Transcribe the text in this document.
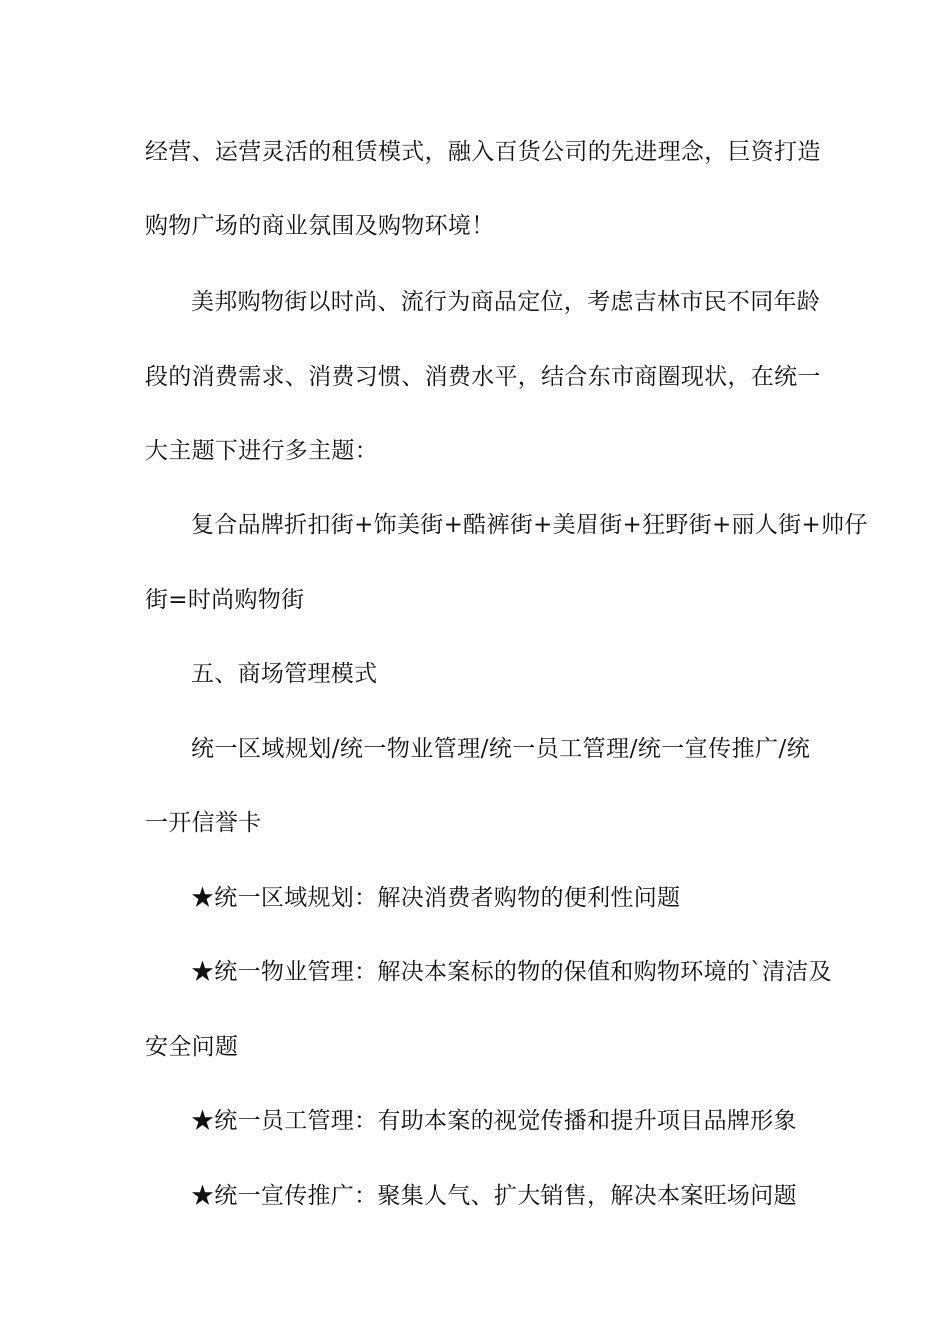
经营、运营灵活的租赁模式，融入百货公司的先进理念，巨资打造
购物广场的商业氛围及购物环境！
美邦购物街以时尚、流行为商品定位，考虑吉林市民不同年龄
段的消费需求、消费习惯、消费水平，结合东市商圈现状，在统一
大主题下进行多主题：
复合品牌折扣街+饰美街+酷裤街+美眉街+狂野街+丽人街+帅仔
街=时尚购物街
五、商场管理模式
统一区域规划/统一物业管理/统一员工管理/统一宣传推广/统
一开信誉卡
★统一区域规划：解决消费者购物的便利性问题
★统一物业管理：解决本案标的物的保值和购物环境的`清洁及
安全问题
★统一员工管理：有助本案的视觉传播和提升项目品牌形象
★统一宣传推广：聚集人气、扩大销售，解决本案旺场问题
